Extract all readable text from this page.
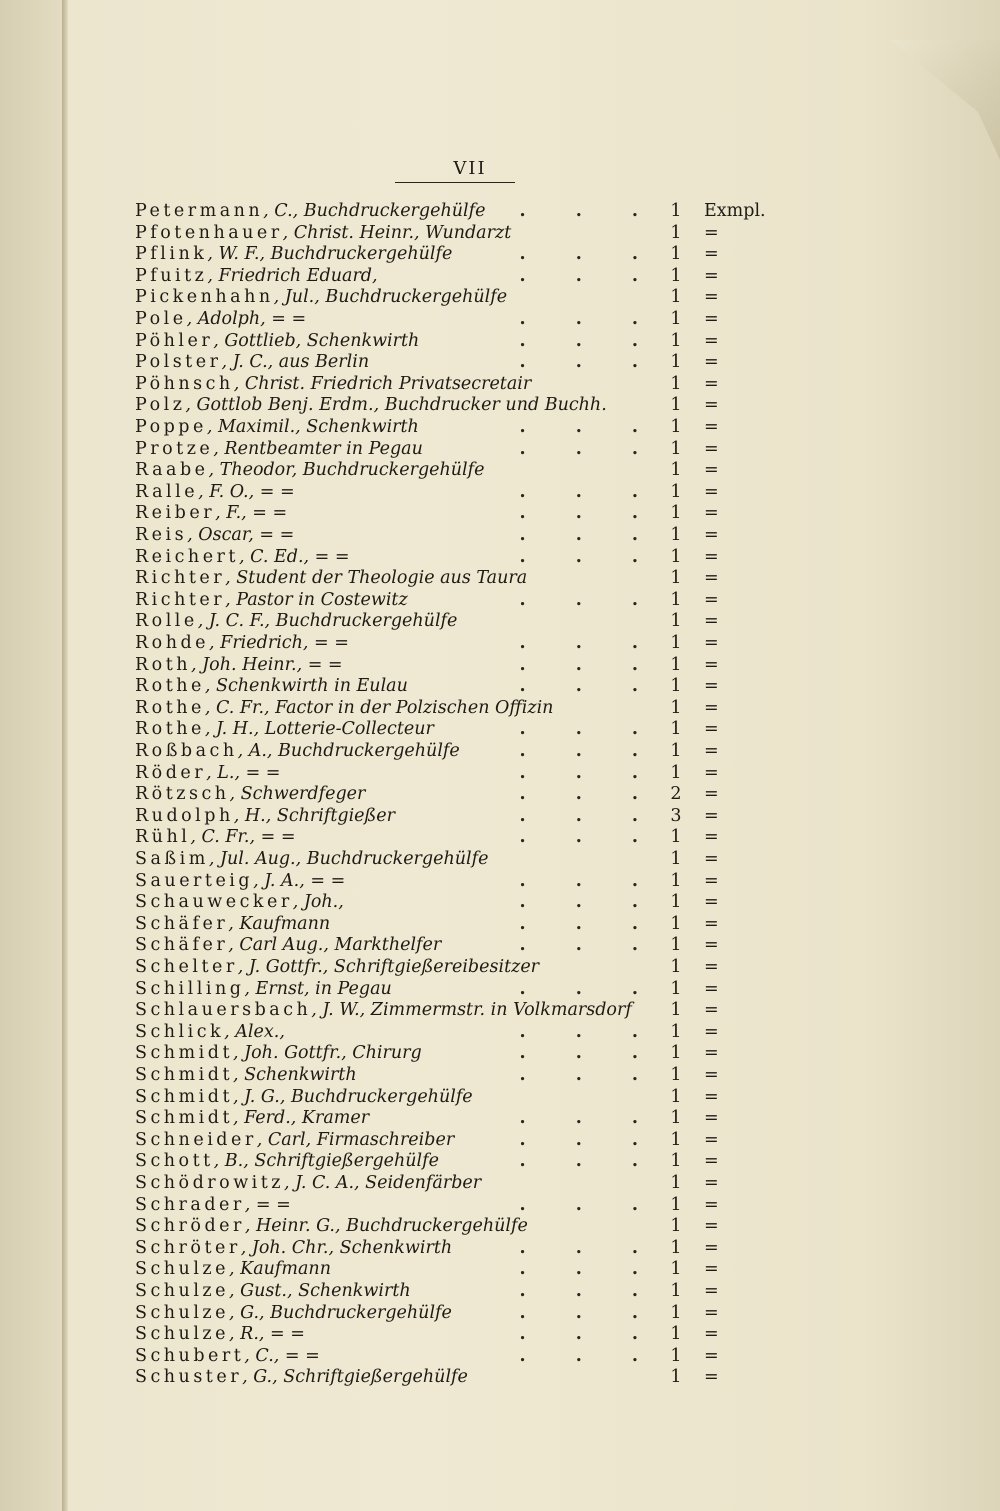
VII
Petermann, C., Buchdruckergehülfe	. . . 1 Exmpl.
Pfotenhauer, Christ. Heinr., Wundarzt	1 =
Pflink, W. F., Buchdruckergehülfe	. . . 1 =
Pfuitz, Friedrich Eduard,	. . . 1 =
Pickenhahn, Jul., Buchdruckergehülfe	1 =
Pole, Adolph, = =	. . . 1 =
Pöhler, Gottlieb, Schenkwirth	. . . 1 =
Polster, J. C., aus Berlin	. . . 1 =
Pöhnsch, Christ. Friedrich Privatsecretair	1 =
Polz, Gottlob Benj. Erdm., Buchdrucker und Buchh.	1 =
Poppe, Maximil., Schenkwirth	. . . 1 =
Protze, Rentbeamter in Pegau	. . . 1 =
Raabe, Theodor, Buchdruckergehülfe	1 =
Ralle, F. O., = =	. . . 1 =
Reiber, F., = =	. . . 1 =
Reis, Oscar, = =	. . . 1 =
Reichert, C. Ed., = =	. . . 1 =
Richter, Student der Theologie aus Taura	1 =
Richter, Pastor in Costewitz	. . . 1 =
Rolle, J. C. F., Buchdruckergehülfe	1 =
Rohde, Friedrich, = =	. . . 1 =
Roth, Joh. Heinr., = =	. . . 1 =
Rothe, Schenkwirth in Eulau	. . . 1 =
Rothe, C. Fr., Factor in der Polzischen Offizin	1 =
Rothe, J. H., Lotterie-Collecteur	. . . 1 =
Roßbach, A., Buchdruckergehülfe	. . . 1 =
Röder, L., = =	. . . 1 =
Rötzsch, Schwerdfeger	. . . 2 =
Rudolph, H., Schriftgießer	. . . 3 =
Rühl, C. Fr., = =	. . . 1 =
Saßim, Jul. Aug., Buchdruckergehülfe	1 =
Sauerteig, J. A., = =	. . . 1 =
Schauwecker, Joh.,	. . . 1 =
Schäfer, Kaufmann	. . . 1 =
Schäfer, Carl Aug., Markthelfer	. . . 1 =
Schelter, J. Gottfr., Schriftgießereibesitzer	1 =
Schilling, Ernst, in Pegau	. . . 1 =
Schlauersbach, J. W., Zimmermstr. in Volkmarsdorf	1 =
Schlick, Alex.,	. . . 1 =
Schmidt, Joh. Gottfr., Chirurg	. . . 1 =
Schmidt, Schenkwirth	. . . 1 =
Schmidt, J. G., Buchdruckergehülfe	1 =
Schmidt, Ferd., Kramer	. . . 1 =
Schneider, Carl, Firmaschreiber	. . . 1 =
Schott, B., Schriftgießergehülfe	. . . 1 =
Schödrowitz, J. C. A., Seidenfärber	1 =
Schrader, = =	. . . 1 =
Schröder, Heinr. G., Buchdruckergehülfe	1 =
Schröter, Joh. Chr., Schenkwirth	. . . 1 =
Schulze, Kaufmann	. . . 1 =
Schulze, Gust., Schenkwirth	. . . 1 =
Schulze, G., Buchdruckergehülfe	. . . 1 =
Schulze, R., = =	. . . 1 =
Schubert, C., = =	. . . 1 =
Schuster, G., Schriftgießergehülfe	1 =
